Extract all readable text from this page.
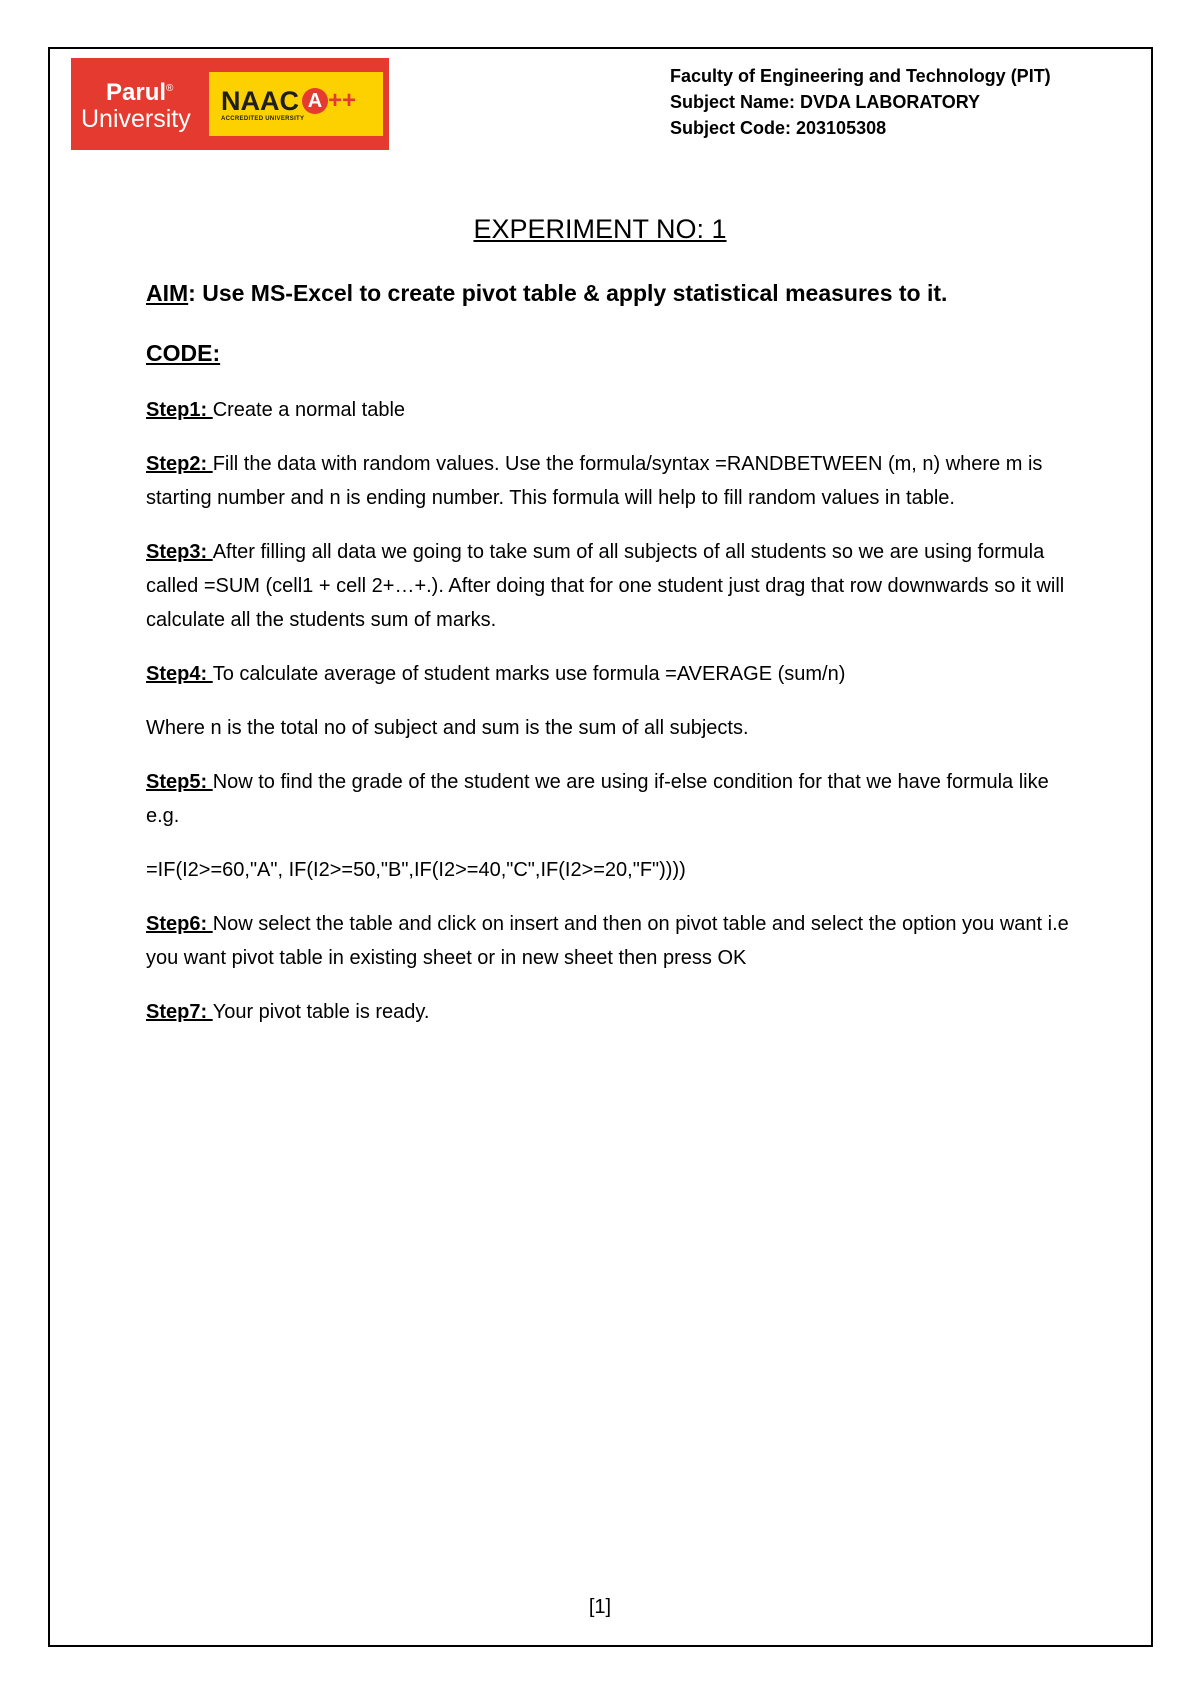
Parul®
University
NAAC A ++
ACCREDITED UNIVERSITY
Faculty of Engineering and Technology (PIT)
Subject Name: DVDA LABORATORY
Subject Code: 203105308
EXPERIMENT NO: 1

AIM: Use MS-Excel to create pivot table & apply statistical measures to it.

CODE:

Step1: Create a normal table

Step2: Fill the data with random values. Use the formula/syntax =RANDBETWEEN (m, n) where m is starting number and n is ending number. This formula will help to fill random values in table.

Step3: After filling all data we going to take sum of all subjects of all students so we are using formula called =SUM (cell1 + cell 2+…+.). After doing that for one student just drag that row downwards so it will calculate all the students sum of marks.

Step4: To calculate average of student marks use formula =AVERAGE (sum/n)

Where n is the total no of subject and sum is the sum of all subjects.

Step5: Now to find the grade of the student we are using if-else condition for that we have formula like e.g.

=IF(I2>=60,"A", IF(I2>=50,"B",IF(I2>=40,"C",IF(I2>=20,"F"))))

Step6: Now select the table and click on insert and then on pivot table and select the option you want i.e you want pivot table in existing sheet or in new sheet then press OK

Step7: Your pivot table is ready.

[1]
